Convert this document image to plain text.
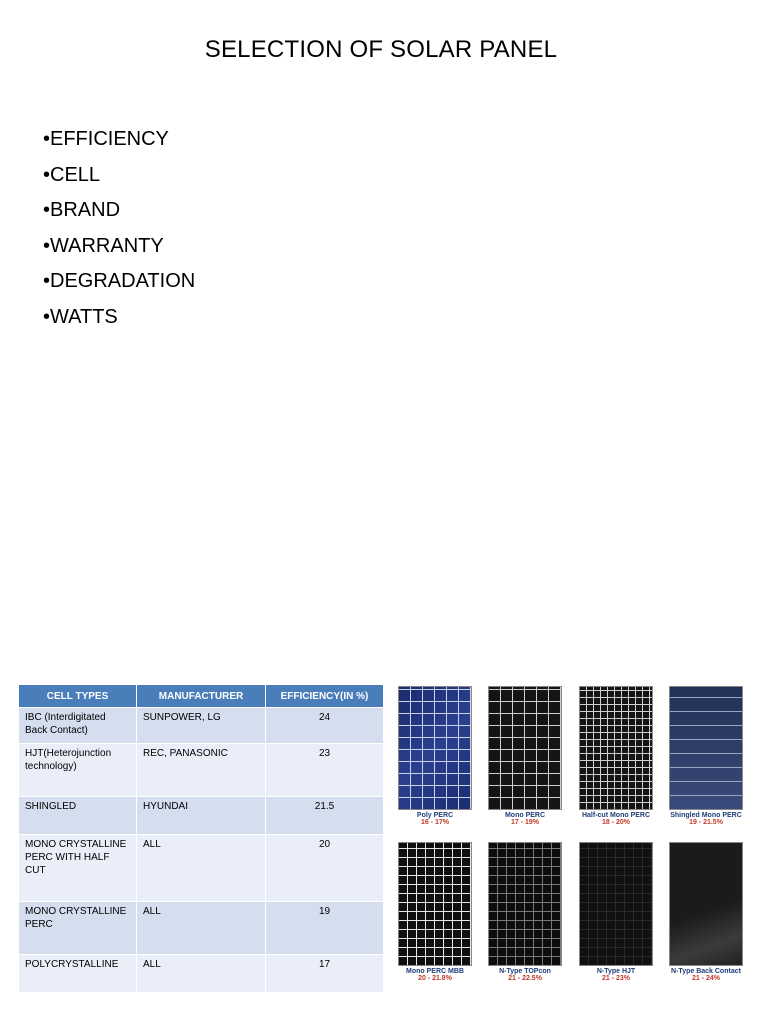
SELECTION OF SOLAR PANEL
•EFFICIENCY
•CELL
•BRAND
•WARRANTY
•DEGRADATION
•WATTS
CELL TYPES	MANUFACTURER	EFFICIENCY(IN %)
IBC (Interdigitated Back Contact)	SUNPOWER, LG	24
HJT(Heterojunction technology)	REC, PANASONIC	23
SHINGLED	HYUNDAI	21.5
MONO CRYSTALLINE PERC WITH HALF CUT	ALL	20
MONO CRYSTALLINE PERC	ALL	19
POLYCRYSTALLINE	ALL	17
Poly PERC
16 - 17%
Mono PERC
17 - 19%
Half-cut Mono PERC
18 - 20%
Shingled Mono PERC
19 - 21.5%
Mono PERC MBB
20 - 21.8%
N-Type TOPcon
21 - 22.5%
N-Type HJT
21 - 23%
N-Type Back Contact
21 - 24%
